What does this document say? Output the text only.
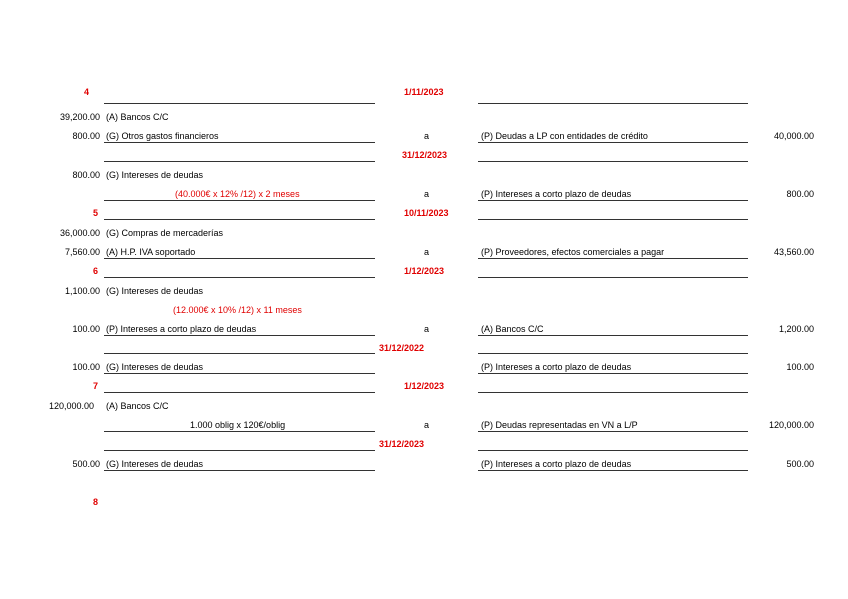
4	1/11/2023
39,200.00 (A) Bancos C/C
800.00 (G) Otros gastos financieros	a	(P) Deudas a LP con entidades de crédito	40,000.00
31/12/2023
800.00 (G) Intereses de deudas
(40.000€ x 12% /12) x 2 meses	a	(P) Intereses a corto plazo de deudas	800.00
5	10/11/2023
36,000.00 (G) Compras de mercaderías
7,560.00 (A) H.P. IVA soportado	a	(P) Proveedores, efectos comerciales a pagar	43,560.00
6	1/12/2023
1,100.00 (G) Intereses de deudas
(12.000€ x 10% /12) x 11 meses
100.00 (P) Intereses a corto plazo de deudas	a	(A) Bancos C/C	1,200.00
31/12/2022
100.00 (G) Intereses de deudas	(P) Intereses a corto plazo de deudas	100.00
7	1/12/2023
120,000.00 (A) Bancos C/C
1.000 oblig x 120€/oblig	a	(P) Deudas representadas en VN a L/P	120,000.00
31/12/2023
500.00 (G) Intereses de deudas	(P) Intereses a corto plazo de deudas	500.00
8
